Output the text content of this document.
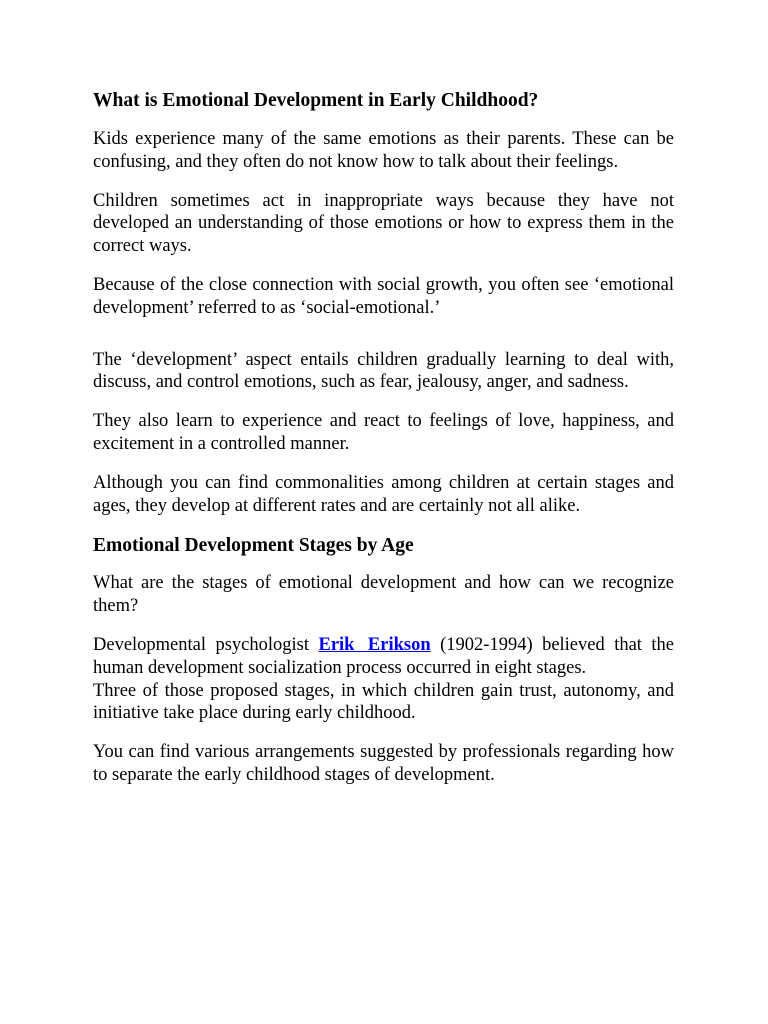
What is Emotional Development in Early Childhood?

Kids experience many of the same emotions as their parents. These can be confusing, and they often do not know how to talk about their feelings.

Children sometimes act in inappropriate ways because they have not developed an understanding of those emotions or how to express them in the correct ways.

Because of the close connection with social growth, you often see ‘emotional development’ referred to as ‘social-emotional.’

The ‘development’ aspect entails children gradually learning to deal with, discuss, and control emotions, such as fear, jealousy, anger, and sadness.

They also learn to experience and react to feelings of love, happiness, and excitement in a controlled manner.

Although you can find commonalities among children at certain stages and ages, they develop at different rates and are certainly not all alike.

Emotional Development Stages by Age

What are the stages of emotional development and how can we recognize them?

Developmental psychologist Erik Erikson (1902-1994) believed that the human development socialization process occurred in eight stages.

Three of those proposed stages, in which children gain trust, autonomy, and initiative take place during early childhood.

You can find various arrangements suggested by professionals regarding how to separate the early childhood stages of development.
